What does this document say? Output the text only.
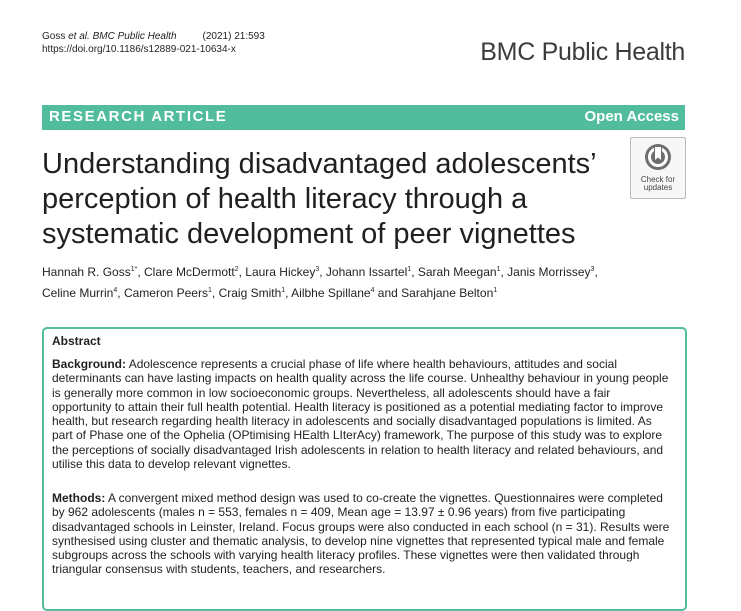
Goss et al. BMC Public Health	(2021) 21:593
https://doi.org/10.1186/s12889-021-10634-x	BMC Public Health
RESEARCH ARTICLE	Open Access
Understanding disadvantaged adolescents’ perception of health literacy through a systematic development of peer vignettes
Check for
updates
Hannah R. Goss$^{1*}$, Clare McDermott$^2$, Laura Hickey$^3$, Johann Issartel$^1$, Sarah Meegan$^1$, Janis Morrissey$^3$,
Celine Murrin$^4$, Cameron Peers$^1$, Craig Smith$^1$, Ailbhe Spillane$^4$ and Sarahjane Belton$^1$
Abstract
Background: Adolescence represents a crucial phase of life where health behaviours, attitudes and social determinants can have lasting impacts on health quality across the life course. Unhealthy behaviour in young people is generally more common in low socioeconomic groups. Nevertheless, all adolescents should have a fair opportunity to attain their full health potential. Health literacy is positioned as a potential mediating factor to improve health, but research regarding health literacy in adolescents and socially disadvantaged populations is limited. As part of Phase one of the Ophelia (OPtimising HEalth LIterAcy) framework, The purpose of this study was to explore the perceptions of socially disadvantaged Irish adolescents in relation to health literacy and related behaviours, and utilise this data to develop relevant vignettes.
Methods: A convergent mixed method design was used to co-create the vignettes. Questionnaires were completed by 962 adolescents (males n = 553, females n = 409, Mean age = 13.97 ± 0.96 years) from five participating disadvantaged schools in Leinster, Ireland. Focus groups were also conducted in each school (n = 31). Results were synthesised using cluster and thematic analysis, to develop nine vignettes that represented typical male and female subgroups across the schools with varying health literacy profiles. These vignettes were then validated through triangular consensus with students, teachers, and researchers.
